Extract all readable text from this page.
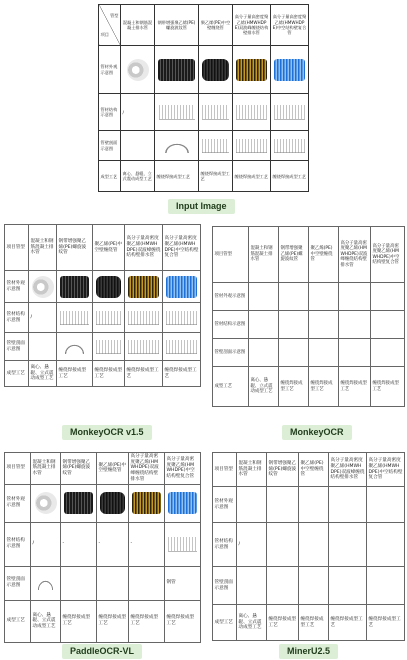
管型
项目	混凝土和钢筋混凝土排水管	钢带增强聚乙烯(PE)螺旋波纹管	聚乙烯(PE)中空壁缠绕管	高分子量高密度聚乙烯(HMWHDPE)双波峰缠绕结构壁排水管	高分子量高密度聚乙烯(HMWHDPE)中空结构壁复合管
管材外观示意图	

管材结构示意图	/	

管壁剖面示意图		

成型工艺	离心、悬辊、立式震动成型工艺	缠绕焊接成型工艺	缠绕焊接成型工艺	缠绕焊接成型工艺	缠绕焊接成型工艺
Input Image
项目管型	混凝土和钢筋混凝土排水管	钢带增强聚乙烯(PE)螺旋波纹管	聚乙烯(PE)中空壁缠绕管	高分子量高密度聚乙烯(HMWHDPE)双波峰缠绕结构壁排水管	高分子量高密度聚乙烯(HMWHDPE)中空结构壁复合管
管材外观示意图	

管材结构示意图	/	

管壁剖面示意图		

成型工艺	离心、悬辊、立式震动成型工艺	缠绕焊接成型工艺	缠绕焊接成型工艺	缠绕焊接成型工艺	缠绕焊接成型工艺
MonkeyOCR v1.5
项目管型	混凝土和钢筋混凝土排水管	钢带增强聚乙烯(PE)螺旋波纹管	聚乙烯(PE)中空壁缠绕管	高分子量高密度聚乙烯(HMWHDPE)双波峰缠绕结构壁排水管	高分子量高密度聚乙烯(HMWHDPE)中空结构壁复合管
管材外观示意图					
管材结构示意图					
管壁剖面示意图					
成型工艺	离心、悬辊、立式震动成型工艺	缠绕焊接成型工艺	缠绕焊接成型工艺	缠绕焊接成型工艺	缠绕焊接成型工艺
MonkeyOCR
项目管型	混凝土和钢筋混凝土排水管	钢带增强聚乙烯(PE)螺旋波纹管	聚乙烯(PE)中空壁缠绕管	高分子量高密度聚乙烯(HMWHDPE)双波峰缠绕结构壁排水管	高分子量高密度聚乙烯(HMWHDPE)中空结构壁复合管
管材外观示意图	

管材结构示意图	/	-	-	-	

管壁剖面示意图					钢管
成型工艺	离心、悬辊、立式震动成型工艺	缠绕焊接成型工艺	缠绕焊接成型工艺	缠绕焊接成型工艺	缠绕焊接成型工艺
PaddleOCR-VL
项目管型	混凝土和钢筋混凝土排水管	钢带增强聚乙烯(PE)螺旋波纹管	聚乙烯(PE)中空壁缠绕管	高分子量高密度聚乙烯(HMWHDPE)双波峰缠绕结构壁排水管	高分子量高密度聚乙烯(HMWHDPE)中空结构壁复合管
管材外观示意图					
管材结构示意图	/				
管壁剖面示意图					
成型工艺	离心、悬辊、立式震动成型工艺	缠绕焊接成型工艺	缠绕焊接成型工艺	缠绕焊接成型工艺	缠绕焊接成型工艺
MinerU2.5
